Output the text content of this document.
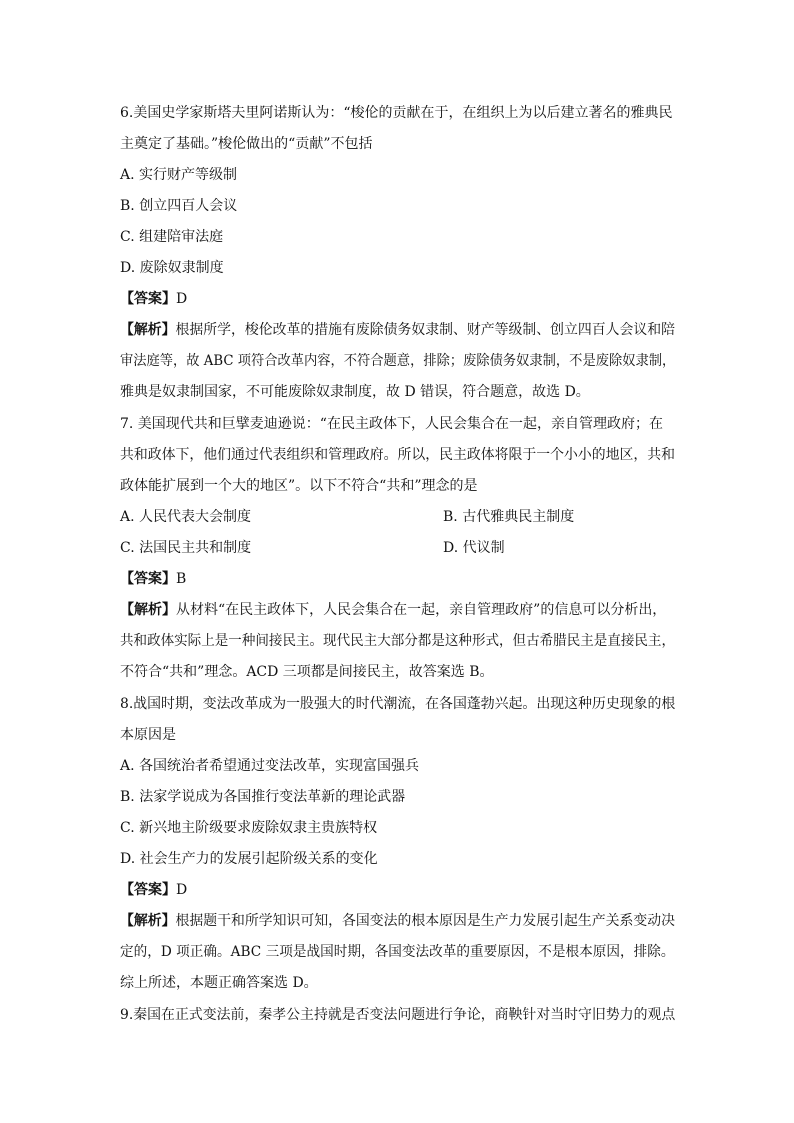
6.美国史学家斯塔夫里阿诺斯认为：“梭伦的贡献在于，在组织上为以后建立著名的雅典民
主奠定了基础。”梭伦做出的“贡献”不包括
A. 实行财产等级制
B. 创立四百人会议
C. 组建陪审法庭
D. 废除奴隶制度
【答案】D
【解析】根据所学，梭伦改革的措施有废除债务奴隶制、财产等级制、创立四百人会议和陪
审法庭等，故 ABC 项符合改革内容，不符合题意，排除；废除债务奴隶制，不是废除奴隶制，
雅典是奴隶制国家，不可能废除奴隶制度，故 D 错误，符合题意，故选 D。
7. 美国现代共和巨擘麦迪逊说：“在民主政体下，人民会集合在一起，亲自管理政府；在
共和政体下，他们通过代表组织和管理政府。所以，民主政体将限于一个小小的地区，共和
政体能扩展到一个大的地区”。以下不符合“共和”理念的是
A. 人民代表大会制度	B. 古代雅典民主制度
C. 法国民主共和制度	D. 代议制
【答案】B
【解析】从材料“在民主政体下，人民会集合在一起，亲自管理政府”的信息可以分析出，
共和政体实际上是一种间接民主。现代民主大部分都是这种形式，但古希腊民主是直接民主，
不符合“共和”理念。ACD 三项都是间接民主，故答案选 B。
8.战国时期，变法改革成为一股强大的时代潮流，在各国蓬勃兴起。出现这种历史现象的根
本原因是
A. 各国统治者希望通过变法改革，实现富国强兵
B. 法家学说成为各国推行变法革新的理论武器
C. 新兴地主阶级要求废除奴隶主贵族特权
D. 社会生产力的发展引起阶级关系的变化
【答案】D
【解析】根据题干和所学知识可知，各国变法的根本原因是生产力发展引起生产关系变动决
定的，D 项正确。ABC 三项是战国时期，各国变法改革的重要原因，不是根本原因，排除。
综上所述，本题正确答案选 D。
9.秦国在正式变法前，秦孝公主持就是否变法问题进行争论，商鞅针对当时守旧势力的观点
